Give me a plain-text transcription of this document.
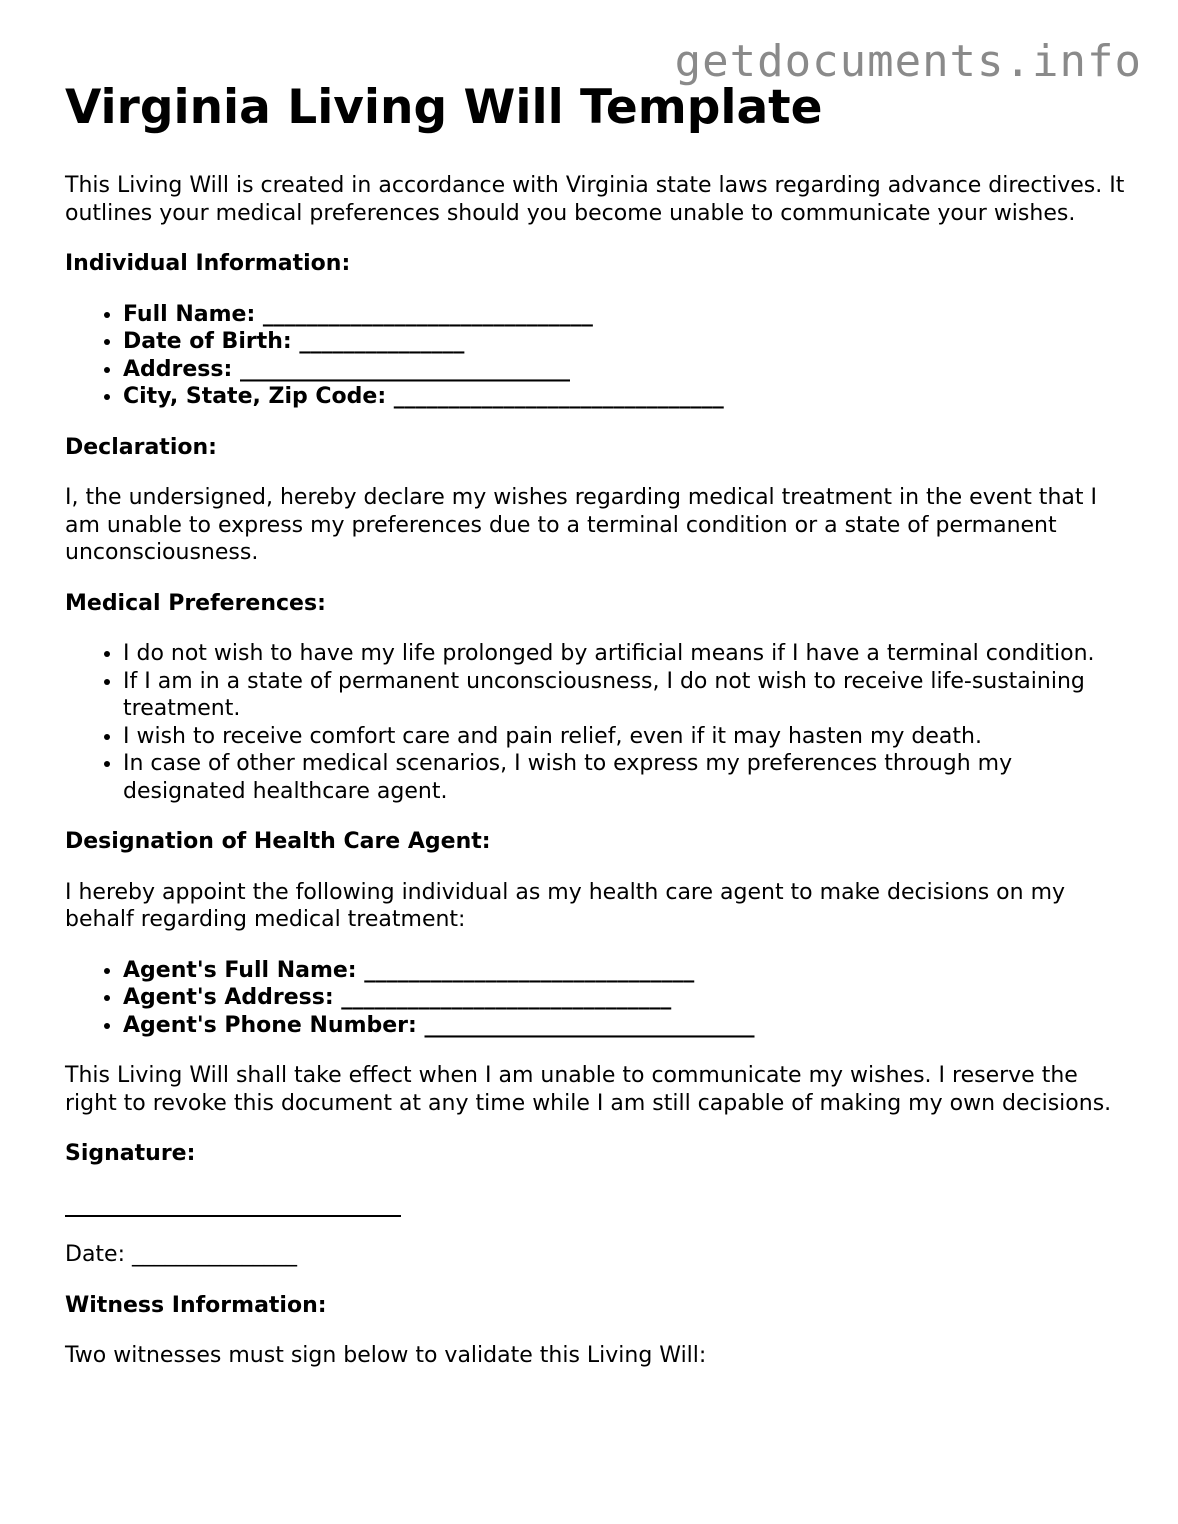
getdocuments.info
Virginia Living Will Template

This Living Will is created in accordance with Virginia state laws regarding advance directives. It outlines your medical preferences should you become unable to communicate your wishes.

Individual Information:

• Full Name: ______________________________
• Date of Birth: _______________
• Address: ______________________________
• City, State, Zip Code: ______________________________

Declaration:

I, the undersigned, hereby declare my wishes regarding medical treatment in the event that I am unable to express my preferences due to a terminal condition or a state of permanent unconsciousness.

Medical Preferences:

• I do not wish to have my life prolonged by artificial means if I have a terminal condition.
• If I am in a state of permanent unconsciousness, I do not wish to receive life-sustaining treatment.
• I wish to receive comfort care and pain relief, even if it may hasten my death.
• In case of other medical scenarios, I wish to express my preferences through my designated healthcare agent.

Designation of Health Care Agent:

I hereby appoint the following individual as my health care agent to make decisions on my behalf regarding medical treatment:

• Agent's Full Name: ______________________________
• Agent's Address: ______________________________
• Agent's Phone Number: ______________________________

This Living Will shall take effect when I am unable to communicate my wishes. I reserve the right to revoke this document at any time while I am still capable of making my own decisions.

Signature:

Date: _______________

Witness Information:

Two witnesses must sign below to validate this Living Will:
